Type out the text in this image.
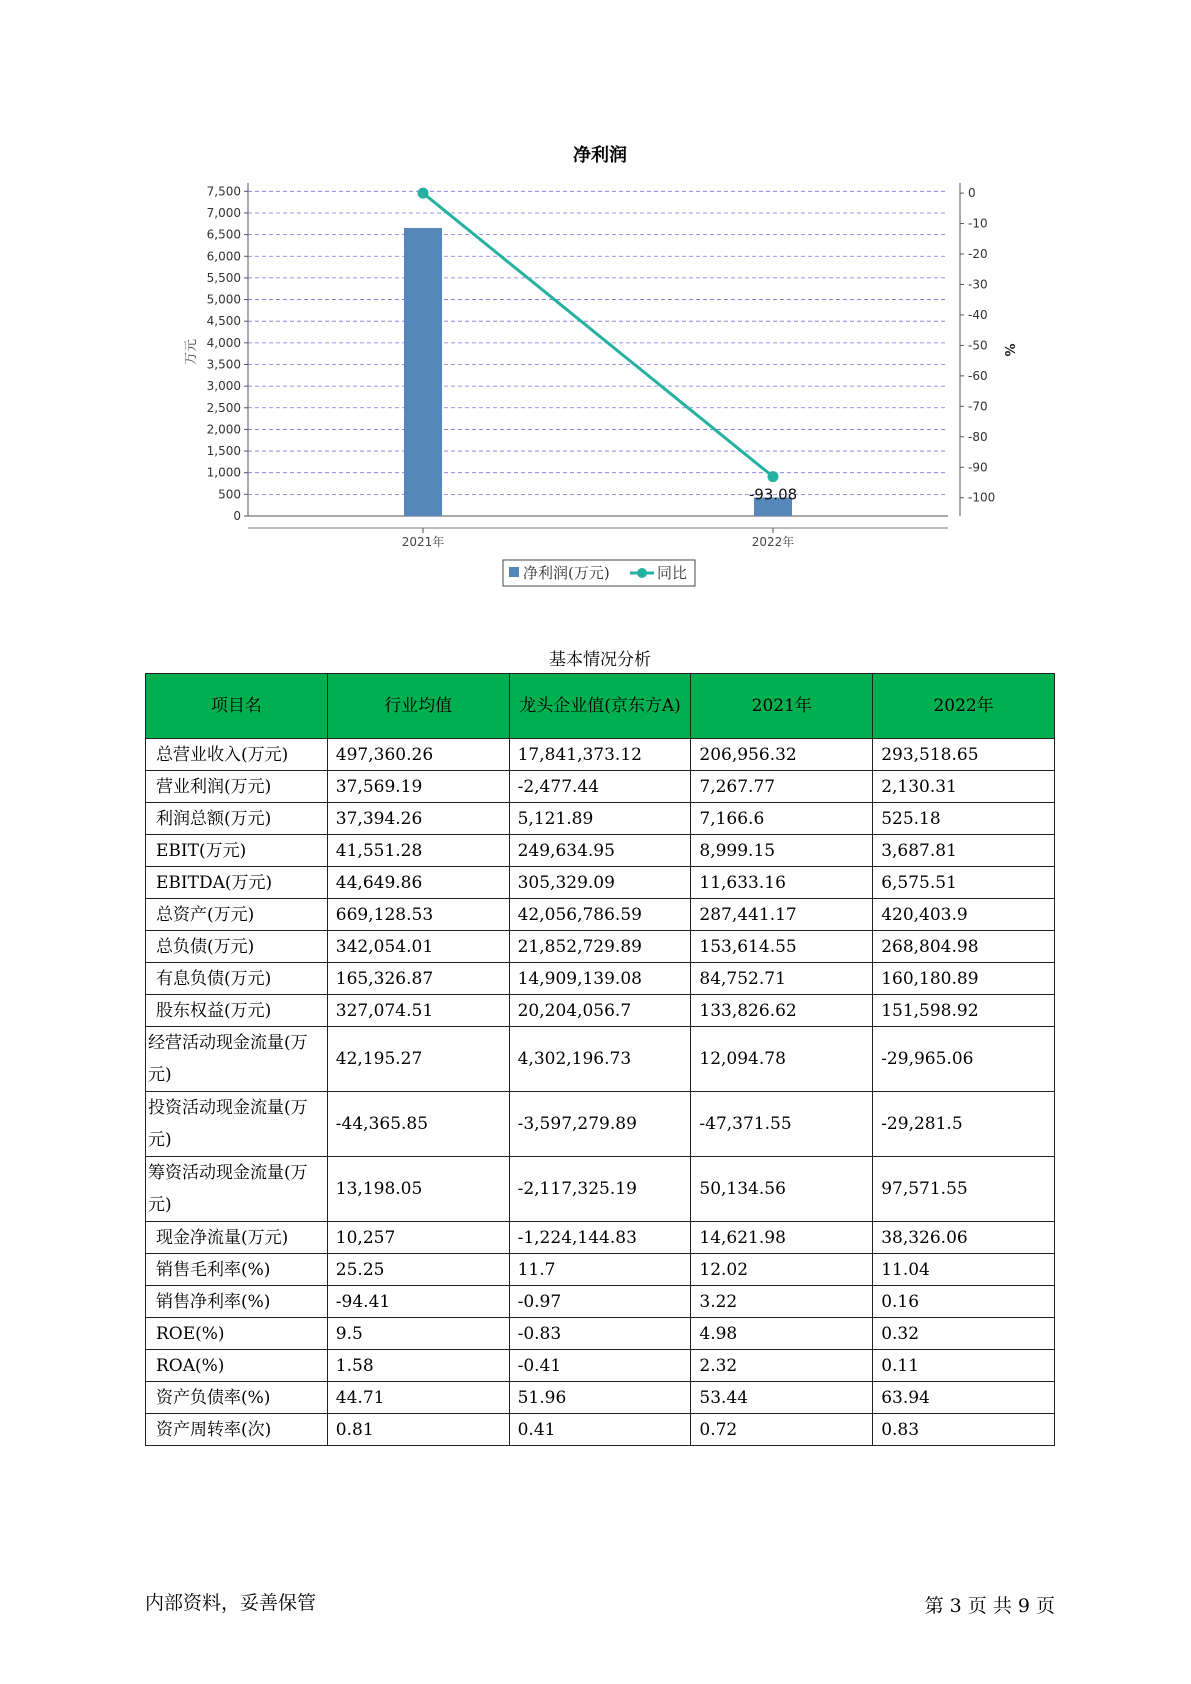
0
500
1,000
1,500
2,000
2,500
3,000
3,500
4,000
4,500
5,000
5,500
6,000
6,500
7,000
7,500	0
-10
-20
-30
-40
-50
-60
-70
-80
-90
-100
2021年	2022年
-93.08
净利润
万元	%
净利润(万元)	同比
基本情况分析
项目名	行业均值	龙头企业值(京东方A)	2021年	2022年
总营业收入(万元)	497,360.26	17,841,373.12	206,956.32	293,518.65
营业利润(万元)	37,569.19	-2,477.44	7,267.77	2,130.31
利润总额(万元)	37,394.26	5,121.89	7,166.6	525.18
EBIT(万元)	41,551.28	249,634.95	8,999.15	3,687.81
EBITDA(万元)	44,649.86	305,329.09	11,633.16	6,575.51
总资产(万元)	669,128.53	42,056,786.59	287,441.17	420,403.9
总负债(万元)	342,054.01	21,852,729.89	153,614.55	268,804.98
有息负债(万元)	165,326.87	14,909,139.08	84,752.71	160,180.89
股东权益(万元)	327,074.51	20,204,056.7	133,826.62	151,598.92
经营活动现金流量(万元)	42,195.27	4,302,196.73	12,094.78	-29,965.06
投资活动现金流量(万元)	-44,365.85	-3,597,279.89	-47,371.55	-29,281.5
筹资活动现金流量(万元)	13,198.05	-2,117,325.19	50,134.56	97,571.55
现金净流量(万元)	10,257	-1,224,144.83	14,621.98	38,326.06
销售毛利率(%)	25.25	11.7	12.02	11.04
销售净利率(%)	-94.41	-0.97	3.22	0.16
ROE(%)	9.5	-0.83	4.98	0.32
ROA(%)	1.58	-0.41	2.32	0.11
资产负债率(%)	44.71	51.96	53.44	63.94
资产周转率(次)	0.81	0.41	0.72	0.83
内部资料，妥善保管	第 3 页 共 9 页
